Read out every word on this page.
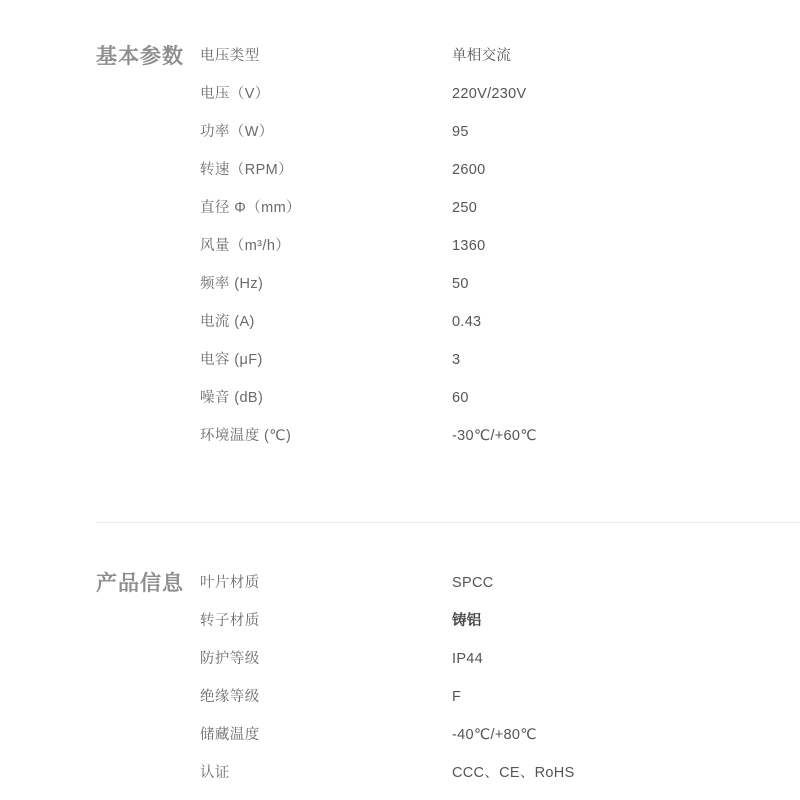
基本参数	电压类型	单相交流
电压（V）	220V/230V
功率（W）	95
转速（RPM）	2600
直径 Φ（mm）	250
风量（m³/h）	1360
频率 (Hz)	50
电流 (A)	0.43
电容 (μF)	3
噪音 (dB)	60
环境温度 (℃)	-30℃/+60℃
产品信息	叶片材质	SPCC
转子材质	铸铝
防护等级	IP44
绝缘等级	F
储藏温度	-40℃/+80℃
认证	CCC、CE、RoHS
